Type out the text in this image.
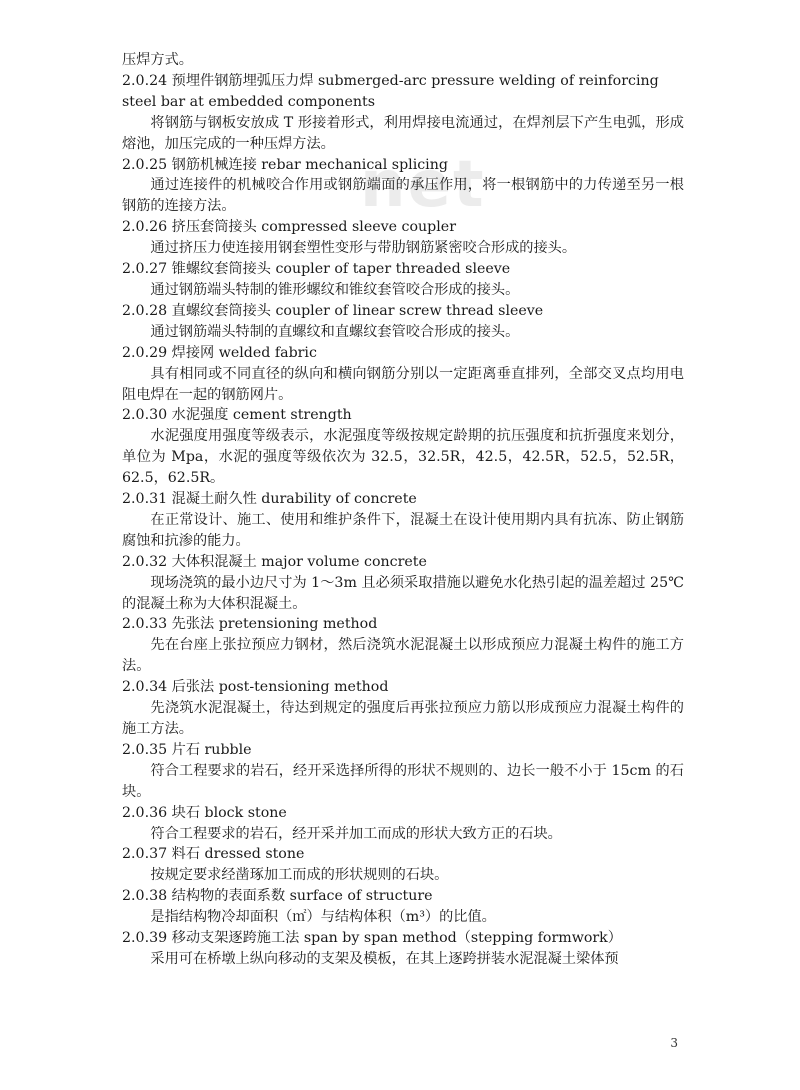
net

压焊方式。

2.0.24 预埋件钢筋埋弧压力焊 submerged-arc pressure welding of reinforcing steel bar at embedded components

将钢筋与钢板安放成 T 形接着形式，利用焊接电流通过，在焊剂层下产生电弧，形成熔池，加压完成的一种压焊方法。

2.0.25 钢筋机械连接 rebar mechanical splicing

通过连接件的机械咬合作用或钢筋端面的承压作用，将一根钢筋中的力传递至另一根钢筋的连接方法。

2.0.26 挤压套筒接头 compressed sleeve coupler

通过挤压力使连接用钢套塑性变形与带肋钢筋紧密咬合形成的接头。

2.0.27 锥螺纹套筒接头 coupler of taper threaded sleeve

通过钢筋端头特制的锥形螺纹和锥纹套管咬合形成的接头。

2.0.28 直螺纹套筒接头 coupler of linear screw thread sleeve

通过钢筋端头特制的直螺纹和直螺纹套管咬合形成的接头。

2.0.29 焊接网 welded fabric

具有相同或不同直径的纵向和横向钢筋分别以一定距离垂直排列，全部交叉点均用电阻电焊在一起的钢筋网片。

2.0.30 水泥强度 cement strength

水泥强度用强度等级表示，水泥强度等级按规定龄期的抗压强度和抗折强度来划分，单位为 Mpa，水泥的强度等级依次为 32.5，32.5R，42.5，42.5R，52.5，52.5R，62.5，62.5R。

2.0.31 混凝土耐久性 durability of concrete

在正常设计、施工、使用和维护条件下，混凝土在设计使用期内具有抗冻、防止钢筋腐蚀和抗渗的能力。

2.0.32 大体积混凝土 major volume concrete

现场浇筑的最小边尺寸为 1～3m 且必须采取措施以避免水化热引起的温差超过 25℃的混凝土称为大体积混凝土。

2.0.33 先张法 pretensioning method

先在台座上张拉预应力钢材，然后浇筑水泥混凝土以形成预应力混凝土构件的施工方法。

2.0.34 后张法 post-tensioning method

先浇筑水泥混凝土，待达到规定的强度后再张拉预应力筋以形成预应力混凝土构件的施工方法。

2.0.35 片石 rubble

符合工程要求的岩石，经开采选择所得的形状不规则的、边长一般不小于 15cm 的石块。

2.0.36 块石 block stone

符合工程要求的岩石，经开采并加工而成的形状大致方正的石块。

2.0.37 料石 dressed stone

按规定要求经凿琢加工而成的形状规则的石块。

2.0.38 结构物的表面系数 surface of structure

是指结构物冷却面积（㎡）与结构体积（m³）的比值。

2.0.39 移动支架逐跨施工法 span by span method（stepping formwork）

采用可在桥墩上纵向移动的支架及模板，在其上逐跨拼装水泥混凝土梁体预

3
